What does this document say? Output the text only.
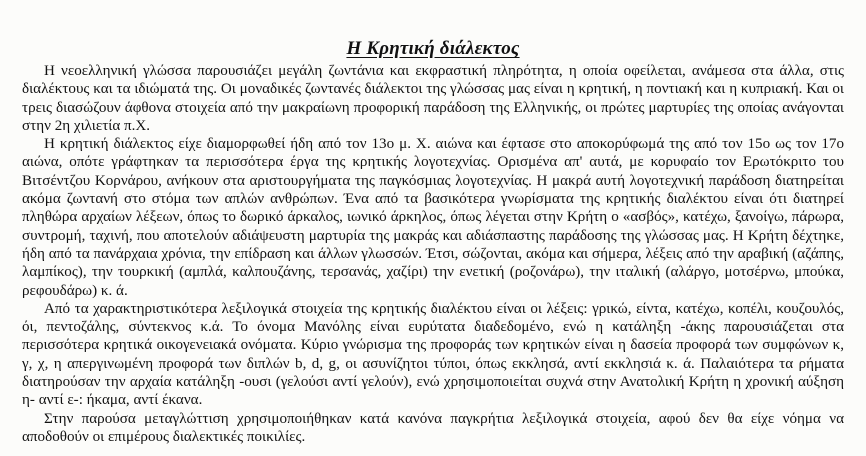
Η Κρητική διάλεκτος

Η νεοελληνική γλώσσα παρουσιάζει μεγάλη ζωντάνια και εκφραστική πληρότητα, η οποία οφείλεται, ανάμεσα στα άλλα, στις διαλέκτους και τα ιδιώματά της. Οι μοναδικές ζωντανές διάλεκτοι της γλώσσας μας είναι η κρητική, η ποντιακή και η κυπριακή. Και οι τρεις διασώζουν άφθονα στοιχεία από την μακραίωνη προφορική παράδοση της Ελληνικής, οι πρώτες μαρτυρίες της οποίας ανάγονται στην 2η χιλιετία π.Χ.

Η κρητική διάλεκτος είχε διαμορφωθεί ήδη από τον 13ο μ. Χ. αιώνα και έφτασε στο αποκορύφωμά της από τον 15ο ως τον 17ο αιώνα, οπότε γράφτηκαν τα περισσότερα έργα της κρητικής λογοτεχνίας. Ορισμένα απ' αυτά, με κορυφαίο τον Ερωτόκριτο του Βιτσέντζου Κορνάρου, ανήκουν στα αριστουργήματα της παγκόσμιας λογοτεχνίας. Η μακρά αυτή λογοτεχνική παράδοση διατηρείται ακόμα ζωντανή στο στόμα των απλών ανθρώπων. Ένα από τα βασικότερα γνωρίσματα της κρητικής διαλέκτου είναι ότι διατηρεί πληθώρα αρχαίων λέξεων, όπως το δωρικό άρκαλος, ιωνικό άρκηλος, όπως λέγεται στην Κρήτη ο «ασβός», κατέχω, ξανοίγω, πάρωρα, συντρομή, ταχινή, που αποτελούν αδιάψευστη μαρτυρία της μακράς και αδιάσπαστης παράδοσης της γλώσσας μας. Η Κρήτη δέχτηκε, ήδη από τα πανάρχαια χρόνια, την επίδραση και άλλων γλωσσών. Έτσι, σώζονται, ακόμα και σήμερα, λέξεις από την αραβική (αζάπης, λαμπίκος), την τουρκική (αμπλά, καλπουζάνης, τερσανάς, χαζίρι) την ενετική (ροζονάρω), την ιταλική (αλάργο, μοτσέρνω, μπούκα, ρεφουδάρω) κ. ά.

Από τα χαρακτηριστικότερα λεξιλογικά στοιχεία της κρητικής διαλέκτου είναι οι λέξεις: γρικώ, είντα, κατέχω, κοπέλι, κουζουλός, όι, πεντοζάλης, σύντεκνος κ.ά. Το όνομα Μανόλης είναι ευρύτατα διαδεδομένο, ενώ η κατάληξη -άκης παρουσιάζεται στα περισσότερα κρητικά οικογενειακά ονόματα. Κύριο γνώρισμα της προφοράς των κρητικών είναι η δασεία προφορά των συμφώνων κ, γ, χ, η απεργινωμένη προφορά των διπλών b, d, g, οι ασυνίζητοι τύποι, όπως εκκλησά, αντί εκκλησιά κ. ά. Παλαιότερα τα ρήματα διατηρούσαν την αρχαία κατάληξη -ουσι (γελούσι αντί γελούν), ενώ χρησιμοποιείται συχνά στην Ανατολική Κρήτη η χρονική αύξηση η- αντί ε-: ήκαμα, αντί έκανα.

Στην παρούσα μεταγλώττιση χρησιμοποιήθηκαν κατά κανόνα παγκρήτια λεξιλογικά στοιχεία, αφού δεν θα είχε νόημα να αποδοθούν οι επιμέρους διαλεκτικές ποικιλίες.
